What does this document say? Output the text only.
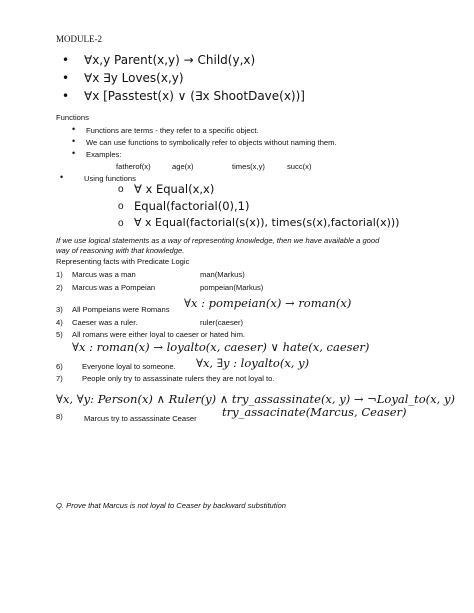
MODULE-2
• ∀x,y Parent(x,y) → Child(y,x)
• ∀x ∃y Loves(x,y)
• ∀x [Passtest(x) ∨ (∃x ShootDave(x))]
Functions
• Functions are terms - they refer to a specific object.
• We can use functions to symbolically refer to objects without naming them.
• Examples:
fatherof(x)	age(x)	times(x,y)	succ(x)
•	Using functions
o ∀ x Equal(x,x)
o Equal(factorial(0),1)
o ∀ x Equal(factorial(s(x)), times(s(x),factorial(x)))
If we use logical statements as a way of representing knowledge, then we have available a good
way of reasoning with that knowledge.
Representing facts with Predicate Logic
1) Marcus was a man	man(Markus)
2) Marcus was a Pompeian	pompeian(Markus)
3) All Pompeians were Romans ∀x : pompeian(x) → roman(x)
4) Caeser was a ruler.	ruler(caeser)
5) All romans were either loyal to caeser or hated him.
∀x : roman(x) → loyalto(x, caeser) ∨ hate(x, caeser)
6)	Everyone loyal to someone. ∀x, ∃y : loyalto(x, y)
7)	People only try to assassinate rulers they are not loyal to.
∀x, ∀y: Person(x) ∧ Ruler(y) ∧ try_assassinate(x, y) → ¬Loyal_to(x, y)
8)	Marcus try to assassinate Ceaser try_assacinate(Marcus, Ceaser)
Q. Prove that Marcus is not loyal to Ceaser by backward substitution
